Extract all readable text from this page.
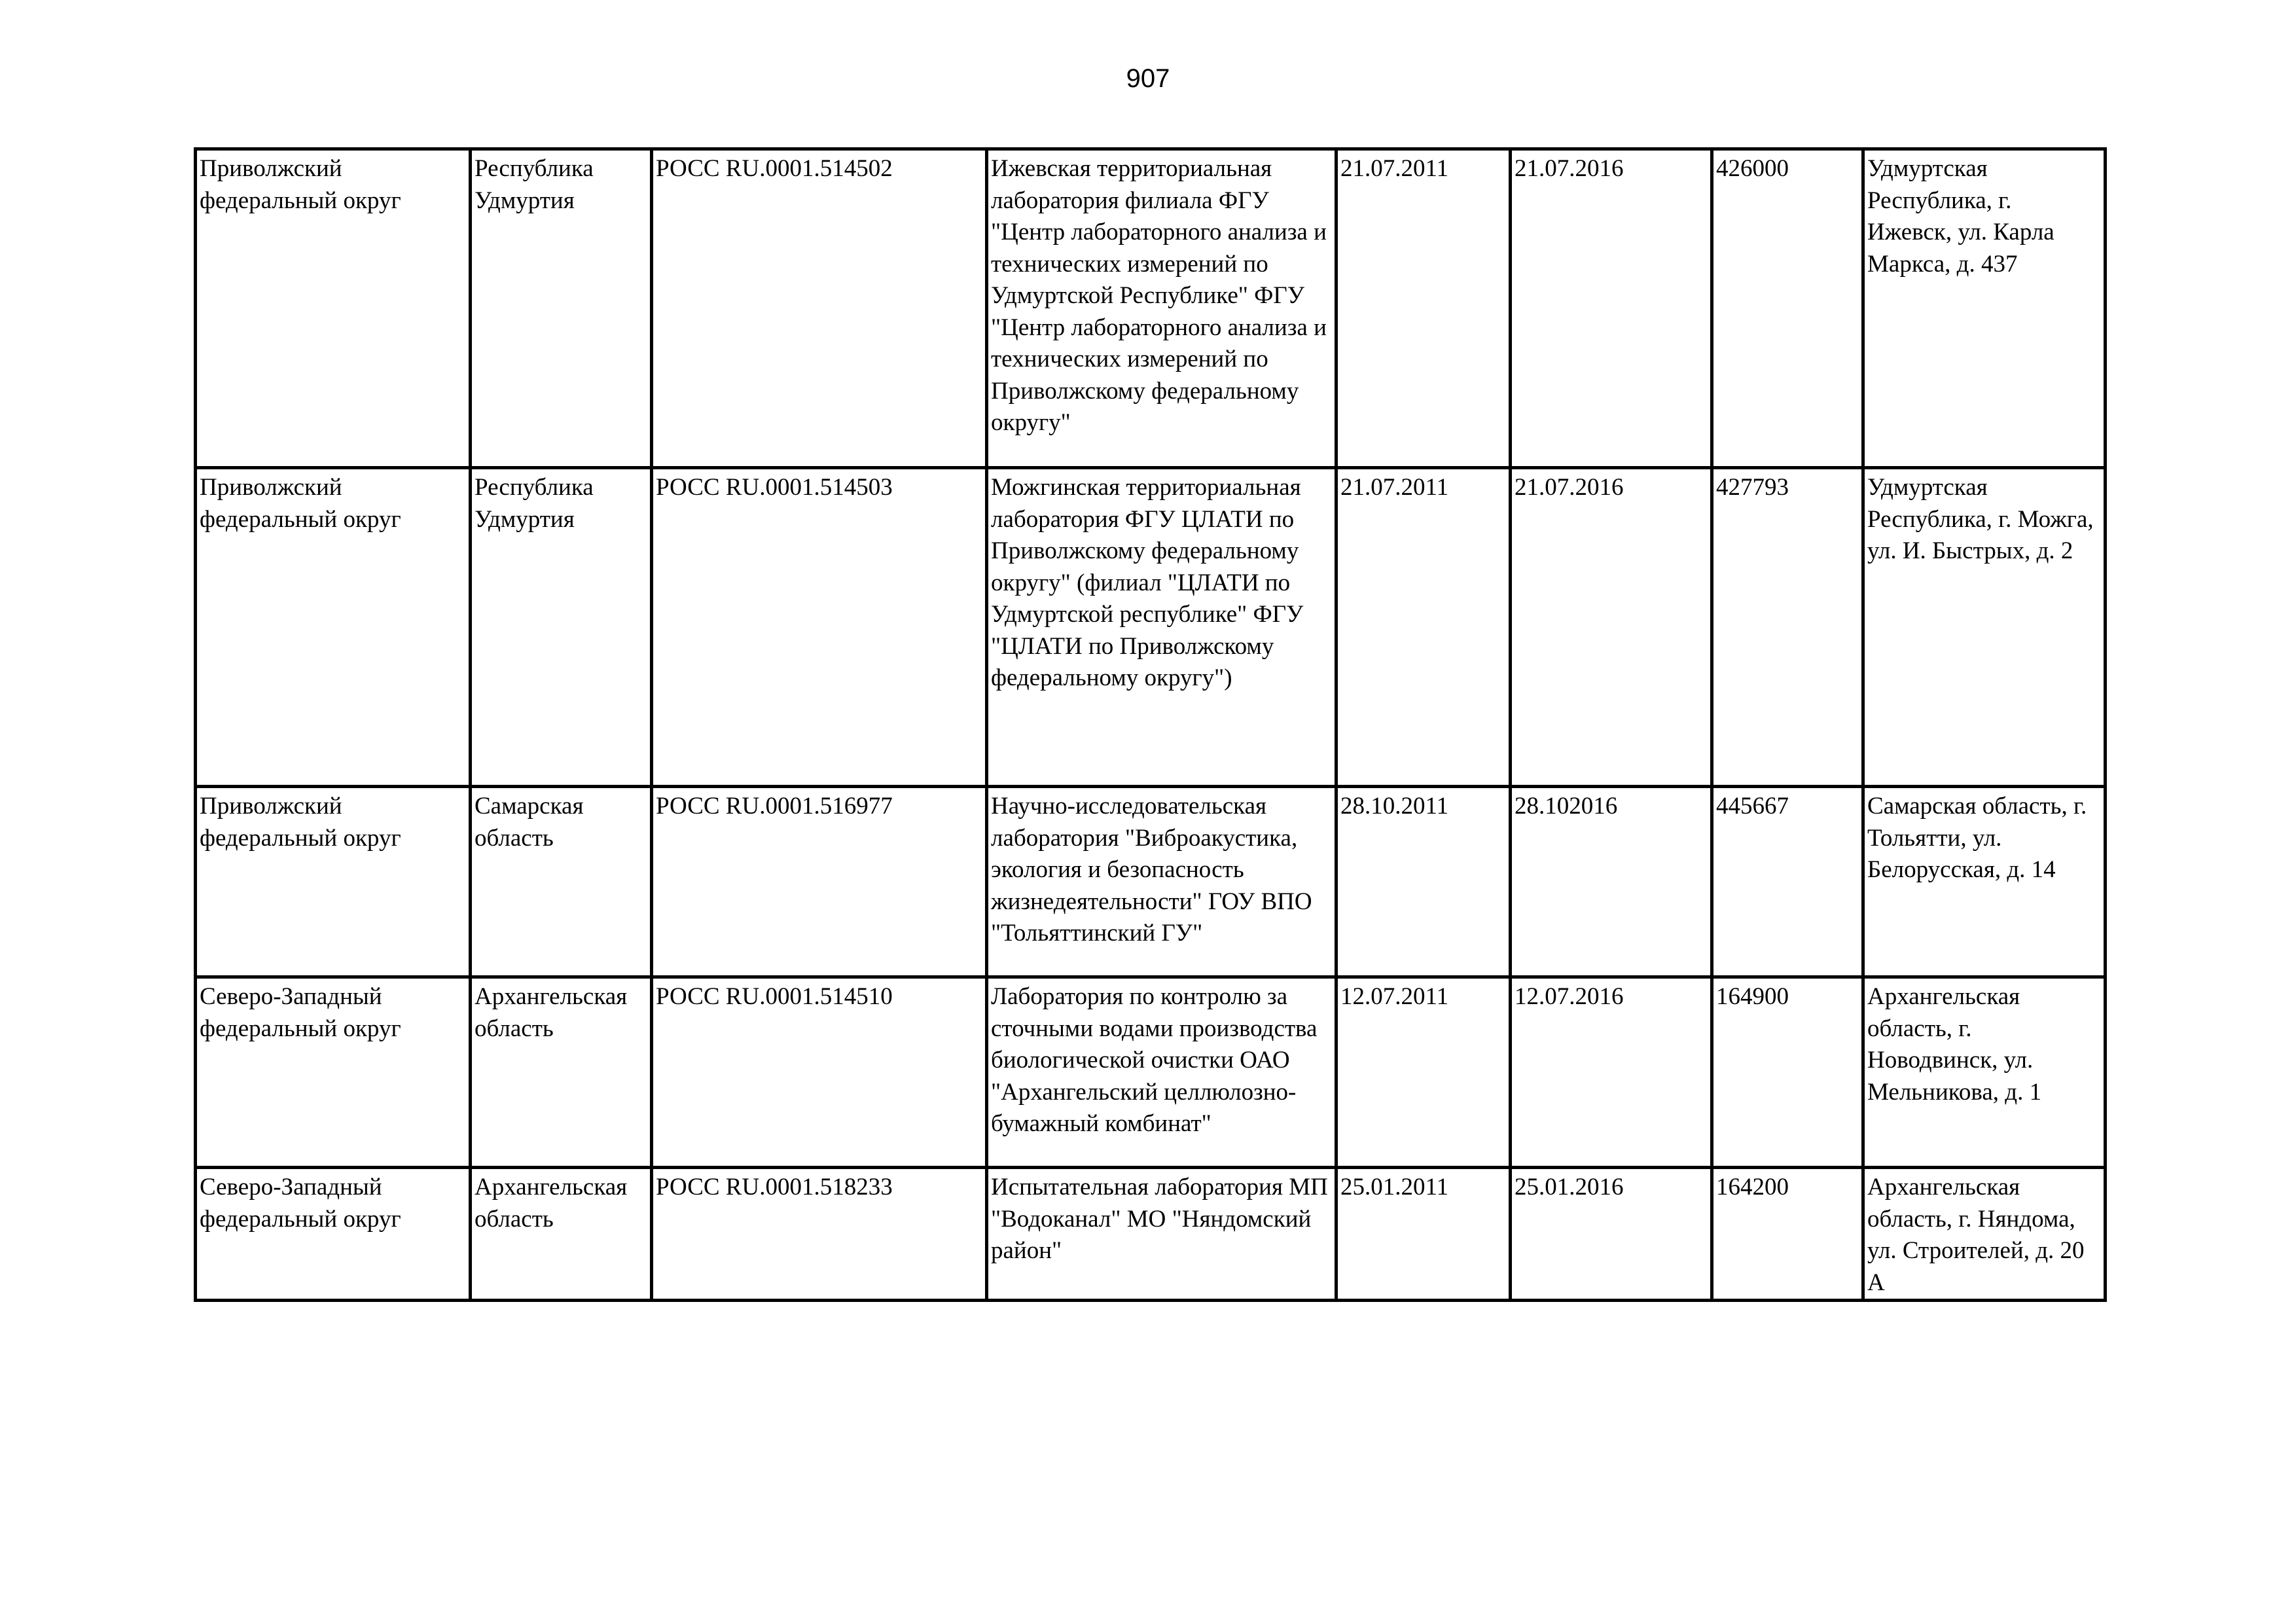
907
Приволжский федеральный округ	Республика Удмуртия	РОСС RU.0001.514502	Ижевская территориальная лаборатория филиала ФГУ "Центр лабораторного анализа и технических измерений по Удмуртской Республике" ФГУ "Центр лабораторного анализа и технических измерений по Приволжскому федеральному округу"	21.07.2011	21.07.2016	426000	Удмуртская Республика, г. Ижевск, ул. Карла Маркса, д. 437
Приволжский федеральный округ	Республика Удмуртия	РОСС RU.0001.514503	Можгинская территориальная лаборатория ФГУ ЦЛАТИ по Приволжскому федеральному округу" (филиал "ЦЛАТИ по Удмуртской республике" ФГУ "ЦЛАТИ по Приволжскому федеральному округу")	21.07.2011	21.07.2016	427793	Удмуртская Республика, г. Можга, ул. И. Быстрых, д. 2
Приволжский федеральный округ	Самарская область	РОСС RU.0001.516977	Научно-исследовательская лаборатория "Виброакустика, экология и безопасность жизнедеятельности" ГОУ ВПО "Тольяттинский ГУ"	28.10.2011	28.102016	445667	Самарская область, г. Тольятти, ул. Белорусская, д. 14
Северо-Западный федеральный округ	Архангельская область	РОСС RU.0001.514510	Лаборатория по контролю за сточными водами производства биологической очистки ОАО "Архангельский целлюлозно-бумажный комбинат"	12.07.2011	12.07.2016	164900	Архангельская область, г. Новодвинск, ул. Мельникова, д. 1
Северо-Западный федеральный округ	Архангельская область	РОСС RU.0001.518233	Испытательная лаборатория МП "Водоканал" МО "Няндомский район"	25.01.2011	25.01.2016	164200	Архангельская область, г. Няндома, ул. Строителей, д. 20 А
